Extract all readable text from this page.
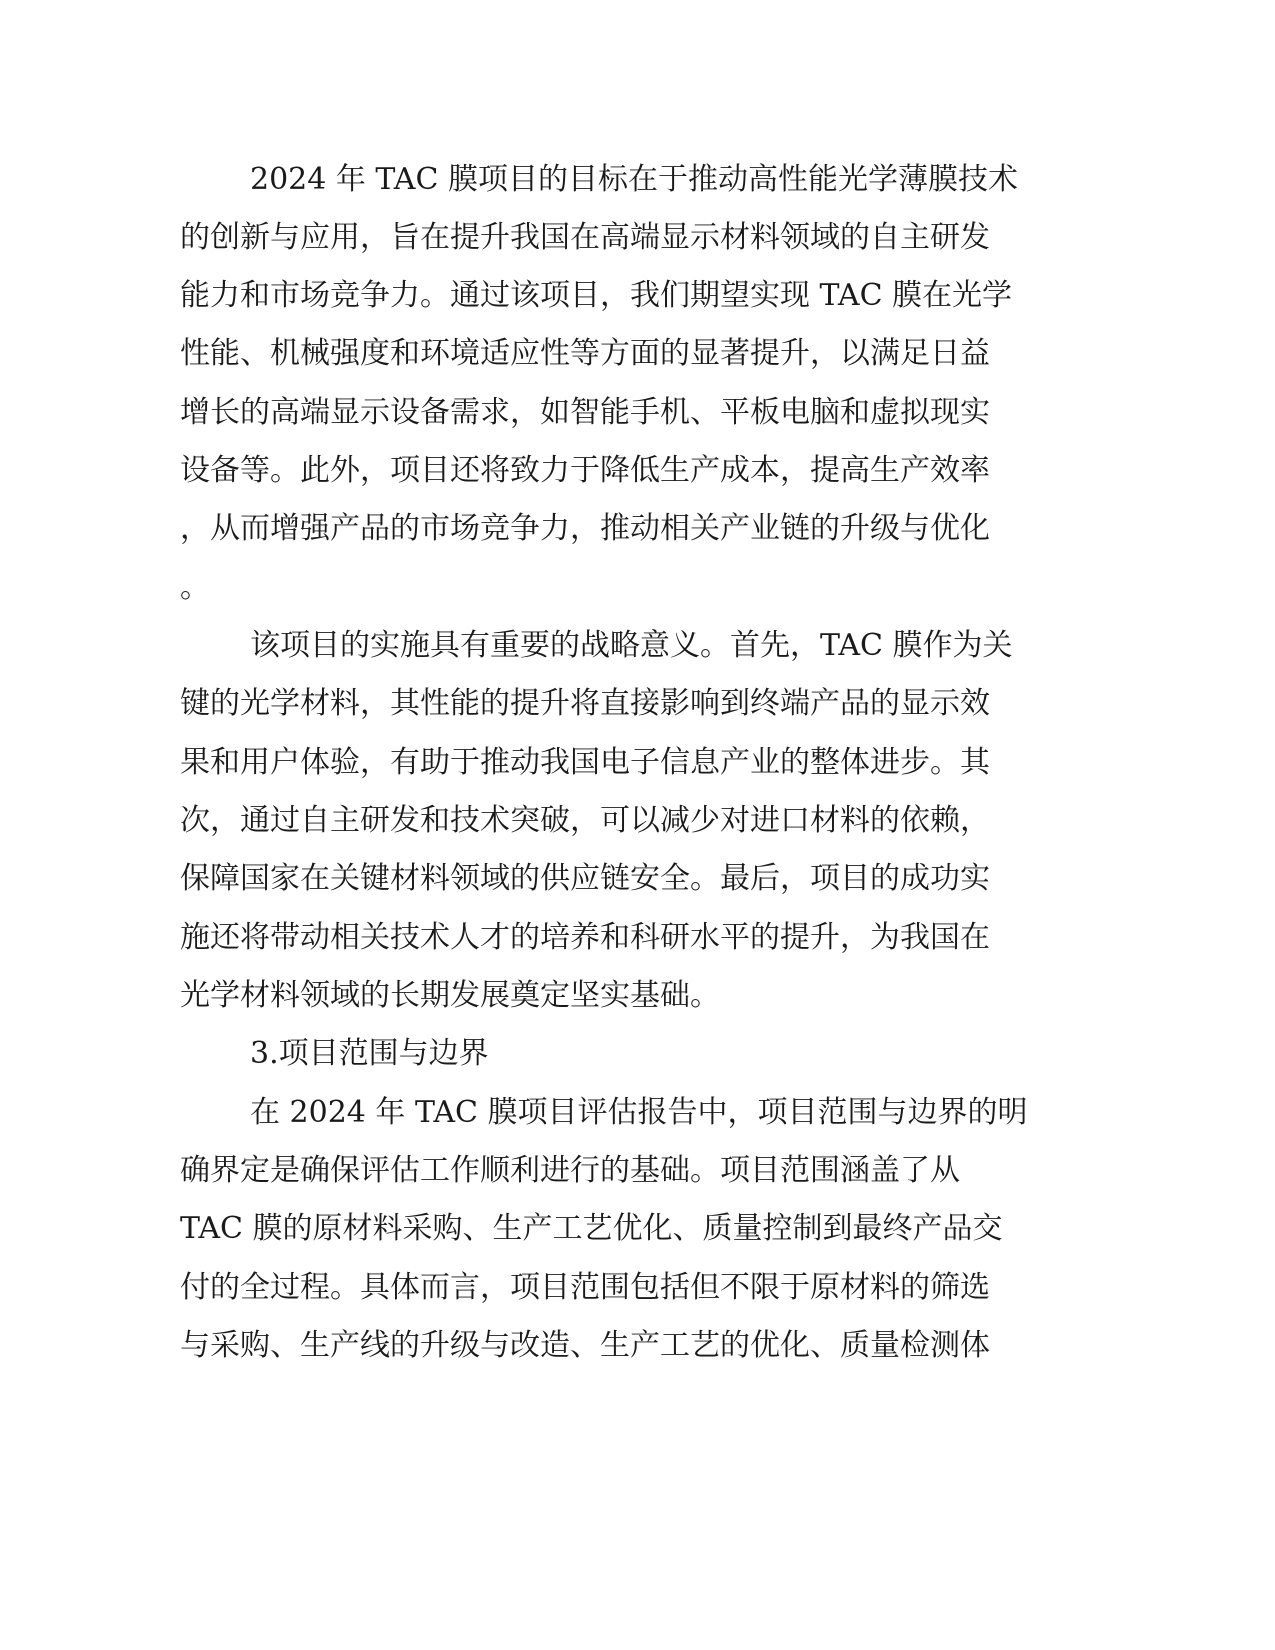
2024 年 TAC 膜项目的目标在于推动高性能光学薄膜技术
的创新与应用，旨在提升我国在高端显示材料领域的自主研发
能力和市场竞争力。通过该项目，我们期望实现 TAC 膜在光学
性能、机械强度和环境适应性等方面的显著提升，以满足日益
增长的高端显示设备需求，如智能手机、平板电脑和虚拟现实
设备等。此外，项目还将致力于降低生产成本，提高生产效率
，从而增强产品的市场竞争力，推动相关产业链的升级与优化
。
该项目的实施具有重要的战略意义。首先，TAC 膜作为关
键的光学材料，其性能的提升将直接影响到终端产品的显示效
果和用户体验，有助于推动我国电子信息产业的整体进步。其
次，通过自主研发和技术突破，可以减少对进口材料的依赖，
保障国家在关键材料领域的供应链安全。最后，项目的成功实
施还将带动相关技术人才的培养和科研水平的提升，为我国在
光学材料领域的长期发展奠定坚实基础。
3.项目范围与边界
在 2024 年 TAC 膜项目评估报告中，项目范围与边界的明
确界定是确保评估工作顺利进行的基础。项目范围涵盖了从
TAC 膜的原材料采购、生产工艺优化、质量控制到最终产品交
付的全过程。具体而言，项目范围包括但不限于原材料的筛选
与采购、生产线的升级与改造、生产工艺的优化、质量检测体
